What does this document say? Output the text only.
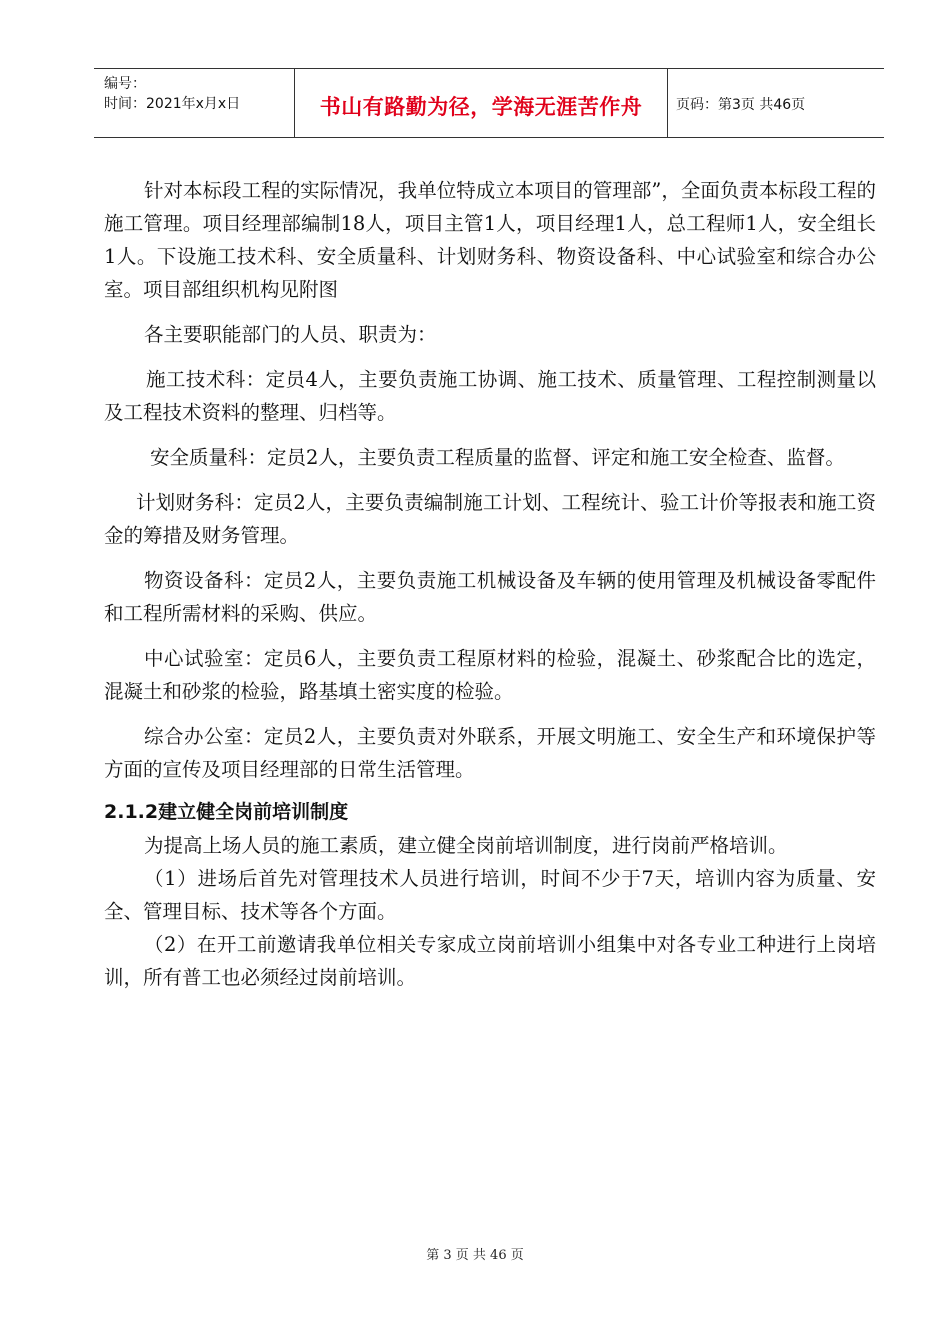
编号：
时间：2021年x月x日	书山有路勤为径，学海无涯苦作舟	页码：第3页 共46页

针对本标段工程的实际情况，我单位特成立本项目的管理部”，全面负责本标段工程的施工管理。项目经理部编制18人，项目主管1人，项目经理1人，总工程师1人，安全组长1人。下设施工技术科、安全质量科、计划财务科、物资设备科、中心试验室和综合办公室。项目部组织机构见附图

各主要职能部门的人员、职责为：

施工技术科：定员4人，主要负责施工协调、施工技术、质量管理、工程控制测量以及工程技术资料的整理、归档等。

安全质量科：定员2人，主要负责工程质量的监督、评定和施工安全检查、监督。

计划财务科：定员2人，主要负责编制施工计划、工程统计、验工计价等报表和施工资金的筹措及财务管理。

物资设备科：定员2人，主要负责施工机械设备及车辆的使用管理及机械设备零配件和工程所需材料的采购、供应。

中心试验室：定员6人，主要负责工程原材料的检验，混凝土、砂浆配合比的选定，混凝土和砂浆的检验，路基填土密实度的检验。

综合办公室：定员2人，主要负责对外联系，开展文明施工、安全生产和环境保护等方面的宣传及项目经理部的日常生活管理。

2.1.2建立健全岗前培训制度

为提高上场人员的施工素质，建立健全岗前培训制度，进行岗前严格培训。

（1）进场后首先对管理技术人员进行培训，时间不少于7天，培训内容为质量、安全、管理目标、技术等各个方面。

（2）在开工前邀请我单位相关专家成立岗前培训小组集中对各专业工种进行上岗培训，所有普工也必须经过岗前培训。

第 3 页 共 46 页
